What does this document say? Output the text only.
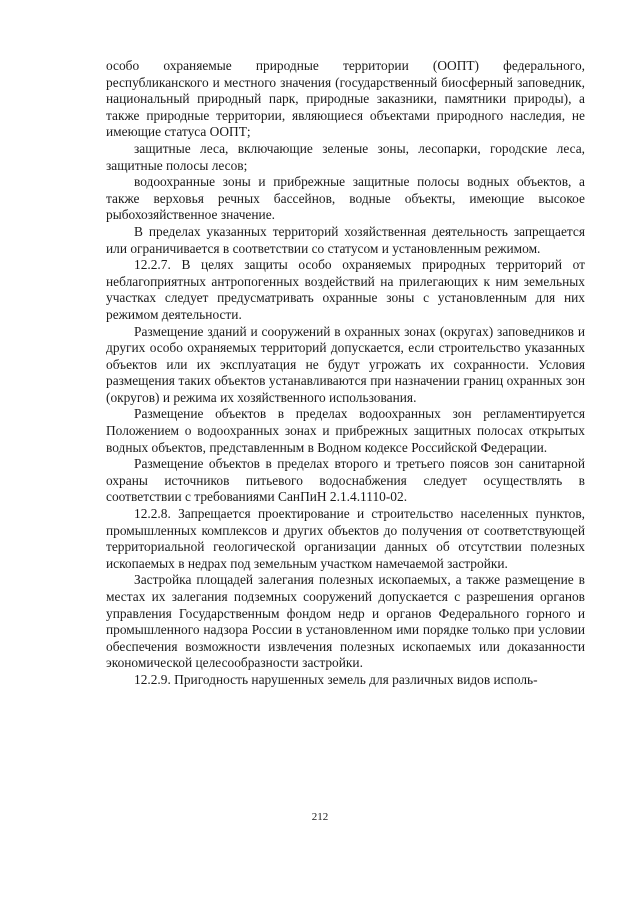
особо охраняемые природные территории (ООПТ) федерального, республиканского и местного значения (государственный биосферный заповедник, национальный природный парк, природные заказники, памятники природы), а также природные территории, являющиеся объектами природного наследия, не имеющие статуса ООПТ;

защитные леса, включающие зеленые зоны, лесопарки, городские леса, защитные полосы лесов;

водоохранные зоны и прибрежные защитные полосы водных объектов, а также верховья речных бассейнов, водные объекты, имеющие высокое рыбохозяйственное значение.

В пределах указанных территорий хозяйственная деятельность запрещается или ограничивается в соответствии со статусом и установленным режимом.

12.2.7. В целях защиты особо охраняемых природных территорий от неблагоприятных антропогенных воздействий на прилегающих к ним земельных участках следует предусматривать охранные зоны с установленным для них режимом деятельности.

Размещение зданий и сооружений в охранных зонах (округах) заповедников и других особо охраняемых территорий допускается, если строительство указанных объектов или их эксплуатация не будут угрожать их сохранности. Условия размещения таких объектов устанавливаются при назначении границ охранных зон (округов) и режима их хозяйственного использования.

Размещение объектов в пределах водоохранных зон регламентируется Положением о водоохранных зонах и прибрежных защитных полосах открытых водных объектов, представленным в Водном кодексе Российской Федерации.

Размещение объектов в пределах второго и третьего поясов зон санитарной охраны источников питьевого водоснабжения следует осуществлять в соответствии с требованиями СанПиН 2.1.4.1110-02.

12.2.8. Запрещается проектирование и строительство населенных пунктов, промышленных комплексов и других объектов до получения от соответствующей территориальной геологической организации данных об отсутствии полезных ископаемых в недрах под земельным участком намечаемой застройки.

Застройка площадей залегания полезных ископаемых, а также размещение в местах их залегания подземных сооружений допускается с разрешения органов управления Государственным фондом недр и органов Федерального горного и промышленного надзора России в установленном ими порядке только при условии обеспечения возможности извлечения полезных ископаемых или доказанности экономической целесообразности застройки.

12.2.9. Пригодность нарушенных земель для различных видов исполь-

212
